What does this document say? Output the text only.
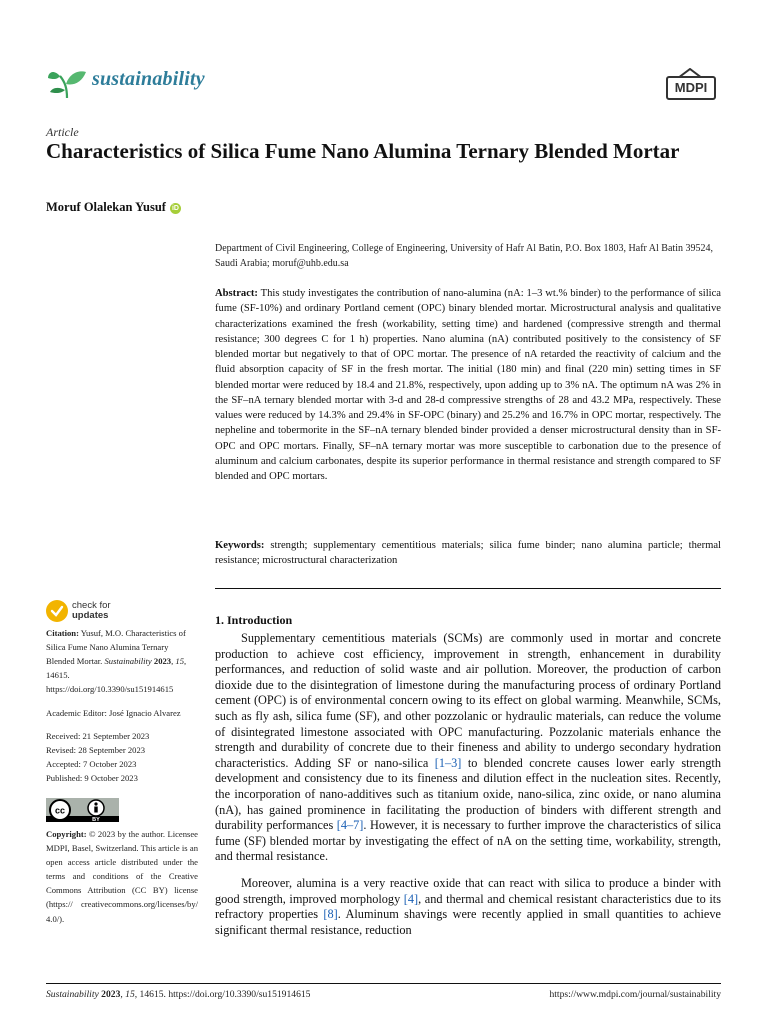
sustainability	MDPI
Article
Characteristics of Silica Fume Nano Alumina Ternary Blended Mortar
Moruf Olalekan Yusuf iD
Department of Civil Engineering, College of Engineering, University of Hafr Al Batin, P.O. Box 1803, Hafr Al Batin 39524, Saudi Arabia; moruf@uhb.edu.sa
Abstract: This study investigates the contribution of nano-alumina (nA: 1–3 wt.% binder) to the performance of silica fume (SF-10%) and ordinary Portland cement (OPC) binary blended mortar. Microstructural analysis and qualitative characterizations examined the fresh (workability, setting time) and hardened (compressive strength and thermal resistance; 300 degrees C for 1 h) properties. Nano alumina (nA) contributed positively to the consistency of SF blended mortar but negatively to that of OPC mortar. The presence of nA retarded the reactivity of calcium and the fluid absorption capacity of SF in the fresh mortar. The initial (180 min) and final (220 min) setting times in SF blended mortar were reduced by 18.4 and 21.8%, respectively, upon adding up to 3% nA. The optimum nA was 2% in the SF–nA ternary blended mortar with 3-d and 28-d compressive strengths of 28 and 43.2 MPa, respectively. These values were reduced by 14.3% and 29.4% in SF-OPC (binary) and 25.2% and 16.7% in OPC mortar, respectively. The nepheline and tobermorite in the SF–nA ternary blended binder provided a denser microstructural density than in SF-OPC and OPC mortars. Finally, SF–nA ternary mortar was more susceptible to carbonation due to the presence of aluminum and calcium carbonates, despite its superior performance in thermal resistance and strength compared to SF blended and OPC mortars.
Keywords: strength; supplementary cementitious materials; silica fume binder; nano alumina particle; thermal resistance; microstructural characterization
1. Introduction

Supplementary cementitious materials (SCMs) are commonly used in mortar and concrete production to achieve cost efficiency, improvement in strength, enhancement in durability performances, and reduction of solid waste and air pollution. Moreover, the production of carbon dioxide due to the disintegration of limestone during the manufacturing process of ordinary Portland cement (OPC) is of environmental concern owing to its effect on global warming. Meanwhile, SCMs, such as fly ash, silica fume (SF), and other pozzolanic or hydraulic materials, can reduce the volume of disintegrated limestone associated with OPC manufacturing. Pozzolanic materials enhance the strength and durability of concrete due to their fineness and ability to undergo secondary hydration characteristics. Adding SF or nano-silica [1–3] to blended concrete causes lower early strength development and consistency due to its fineness and dilution effect in the nucleation sites. Recently, the incorporation of nano-additives such as titanium oxide, nano-silica, zinc oxide, or nano alumina (nA), has gained prominence in facilitating the production of binders with different strength and durability performances [4–7]. However, it is necessary to further improve the characteristics of silica fume (SF) blended mortar by investigating the effect of nA on the setting time, workability, strength, and thermal resistance.

Moreover, alumina is a very reactive oxide that can react with silica to produce a binder with good strength, improved morphology [4], and thermal and chemical resistant characteristics due to its refractory properties [8]. Aluminum shavings were recently applied in small quantities to achieve significant thermal resistance, reduction

check for
updates
Citation: Yusuf, M.O. Characteristics of Silica Fume Nano Alumina Ternary Blended Mortar. Sustainability 2023, 15, 14615. https://doi.org/10.3390/su151914615
Academic Editor: José Ignacio Alvarez
Received: 21 September 2023
Revised: 28 September 2023
Accepted: 7 October 2023
Published: 9 October 2023
cc
BY
Copyright: © 2023 by the author. Licensee MDPI, Basel, Switzerland. This article is an open access article distributed under the terms and conditions of the Creative Commons Attribution (CC BY) license (https:// creativecommons.org/licenses/by/ 4.0/).
Sustainability 2023, 15, 14615. https://doi.org/10.3390/su151914615	https://www.mdpi.com/journal/sustainability
